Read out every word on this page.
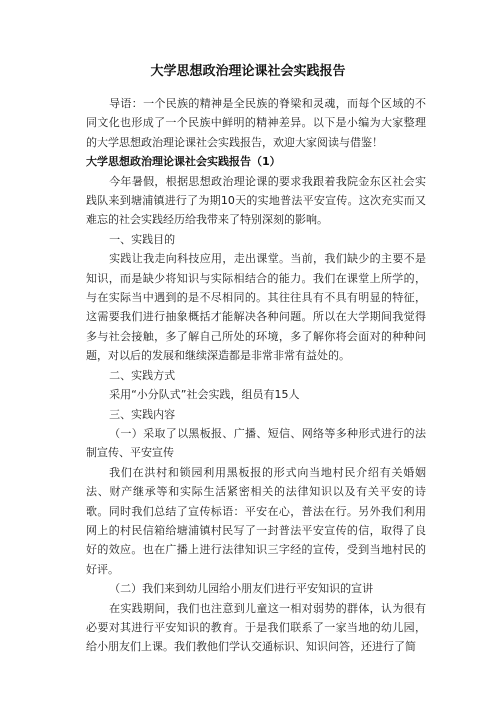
大学思想政治理论课社会实践报告

导语：一个民族的精神是全民族的脊梁和灵魂，而每个区域的不同文化也形成了一个民族中鲜明的精神差异。以下是小编为大家整理的大学思想政治理论课社会实践报告，欢迎大家阅读与借鉴！

大学思想政治理论课社会实践报告（1）

今年暑假，根据思想政治理论课的要求我跟着我院金东区社会实践队来到塘浦镇进行了为期10天的实地普法平安宣传。这次充实而又难忘的社会实践经历给我带来了特别深刻的影响。

一、实践目的

实践让我走向科技应用，走出课堂。当前，我们缺少的主要不是知识，而是缺少将知识与实际相结合的能力。我们在课堂上所学的，与在实际当中遇到的是不尽相同的。其往往具有不具有明显的特征，这需要我们进行抽象概括才能解决各种问题。所以在大学期间我觉得多与社会接触，多了解自己所处的环境，多了解你将会面对的种种问题，对以后的发展和继续深造都是非常非常有益处的。

二、实践方式

采用“小分队式”社会实践，组员有15人

三、实践内容

（一）采取了以黑板报、广播、短信、网络等多种形式进行的法制宣传、平安宣传

我们在洪村和锁园利用黑板报的形式向当地村民介绍有关婚姻法、财产继承等和实际生活紧密相关的法律知识以及有关平安的诗歌。同时我们总结了宣传标语：平安在心，普法在行。另外我们利用网上的村民信箱给塘浦镇村民写了一封普法平安宣传的信，取得了良好的效应。也在广播上进行法律知识三字经的宣传，受到当地村民的好评。

（二）我们来到幼儿园给小朋友们进行平安知识的宣讲

在实践期间，我们也注意到儿童这一相对弱势的群体，认为很有必要对其进行平安知识的教育。于是我们联系了一家当地的幼儿园，给小朋友们上课。我们教他们学认交通标识、知识问答，还进行了简
